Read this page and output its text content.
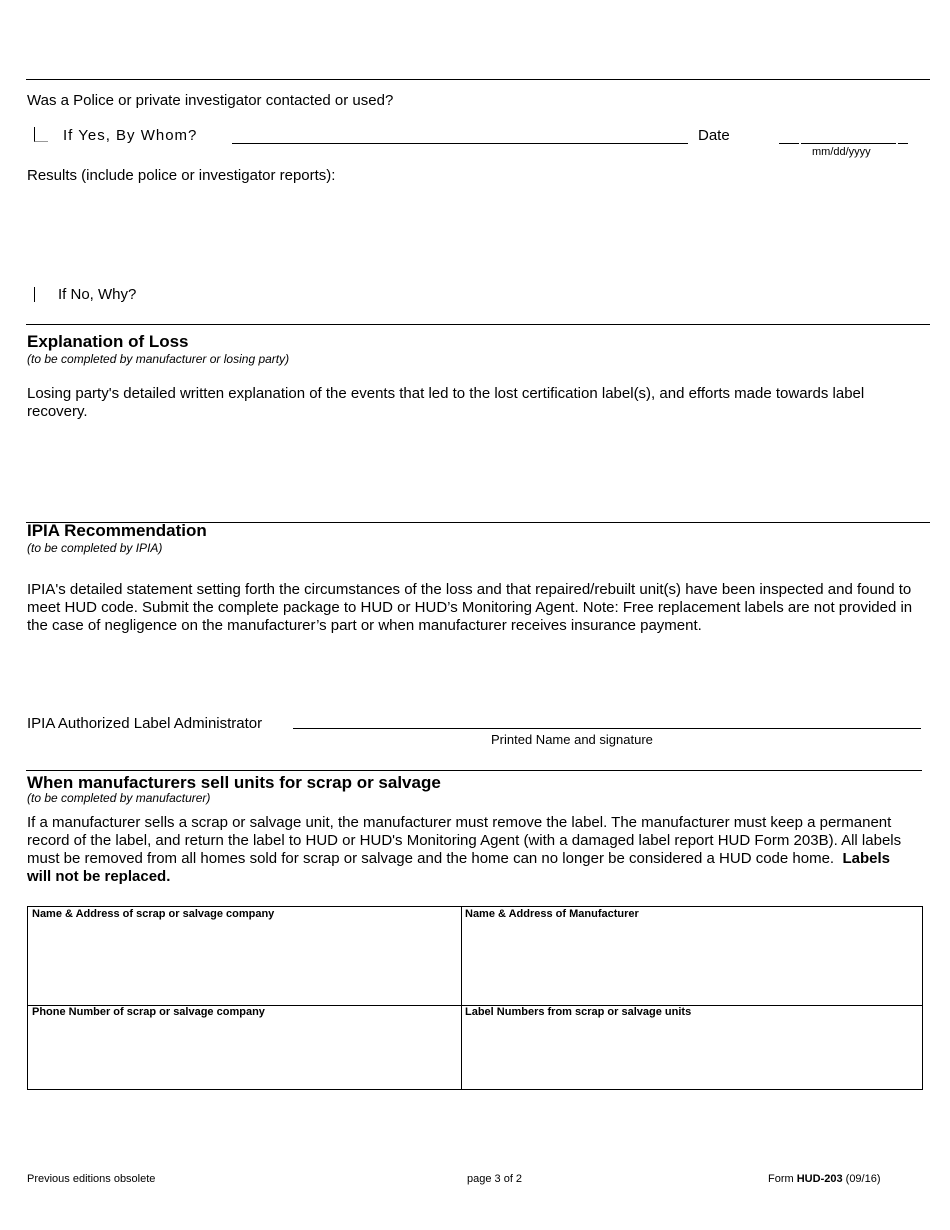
Was a Police or private investigator contacted or used?
If Yes, By Whom?	Date
mm/dd/yyyy
Results (include police or investigator reports):
If No, Why?
Explanation of Loss
(to be completed by manufacturer or losing party)
Losing party's detailed written explanation of the events that led to the lost certification label(s), and efforts made towards label recovery.
IPIA Recommendation
(to be completed by IPIA)
IPIA's detailed statement setting forth the circumstances of the loss and that repaired/rebuilt unit(s) have been inspected and found to meet HUD code. Submit the complete package to HUD or HUD’s Monitoring Agent. Note: Free replacement labels are not provided in the case of negligence on the manufacturer’s part or when manufacturer receives insurance payment.
IPIA Authorized Label Administrator
Printed Name and signature
When manufacturers sell units for scrap or salvage
(to be completed by manufacturer)
If a manufacturer sells a scrap or salvage unit, the manufacturer must remove the label. The manufacturer must keep a permanent record of the label, and return the label to HUD or HUD's Monitoring Agent (with a damaged label report HUD Form 203B). All labels must be removed from all homes sold for scrap or salvage and the home can no longer be considered a HUD code home. Labels will not be replaced.
Name & Address of scrap or salvage company	Name & Address of Manufacturer
Phone Number of scrap or salvage company	Label Numbers from scrap or salvage units
Previous editions obsolete	page 3 of 2	Form HUD-203 (09/16)
